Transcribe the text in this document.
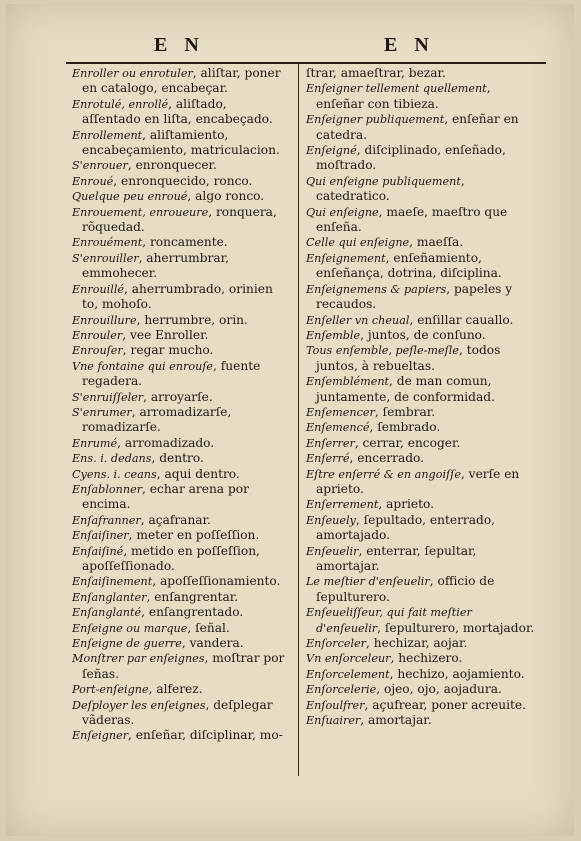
E N	E N
Enroller ou enrotuler, aliſtar, poner en catalogo, encabeçar.
Enrotulé, enrollé, aliſtado, aſſentado en liſta, encabeçado.
Enrollement, aliſtamiento, encabeçamiento, matriculacion.
S'enrouer, enronquecer.
Enroué, enronquecido, ronco.
Quelque peu enroué, algo ronco.
Enrouement, enroueure, ronquera, rõquedad.
Enrouément, roncamente.
S'enrouiller, aherrumbrar, emmohecer.
Enrouillé, aherrumbrado, orinien to, mohoſo.
Enrouillure, herrumbre, orin.
Enrouler, vee Enroller.
Enrouſer, regar mucho.
Vne fontaine qui enrouſe, fuente regadera.
S'enruiſſeler, arroyarſe.
S'enrumer, arromadizarſe, romadizarſe.
Enrumé, arromadizado.
Ens. i. dedans, dentro.
Cyens. i. ceans, aqui dentro.
Enſablonner, echar arena por encima.
Enſafranner, açafranar.
Enſaiſiner, meter en poſſeſſion.
Enſaiſiné, metido en poſſeſſion, apoſſeſſionado.
Enſaiſinement, apoſſeſſionamiento.
Enſanglanter, enſangrentar.
Enſanglanté, enſangrentado.
Enſeigne ou marque, ſeñal.
Enſeigne de guerre, vandera.
Monſtrer par enſeignes, moſtrar por ſeñas.
Port-enſeigne, alferez.
Deſployer les enſeignes, deſplegar vãderas.
Enſeigner, enſeñar, diſciplinar, mo-
ſtrar, amaeſtrar, bezar.
Enſeigner tellement quellement, enſeñar con tibieza.
Enſeigner publiquement, enſeñar en catedra.
Enſeigné, diſciplinado, enſeñado, moſtrado.
Qui enſeigne publiquement, catedratico.
Qui enſeigne, maeſe, maeſtro que enſeña.
Celle qui enſeigne, maeſſa.
Enſeignement, enſeñamiento, enſeñança, dotrina, diſciplina.
Enſeignemens & papiers, papeles y recaudos.
Enſeller vn cheual, enſillar cauallo.
Enſemble, juntos, de conſuno.
Tous enſemble, peſle-meſle, todos juntos, à rebueltas.
Enſemblément, de man comun, juntamente, de conformidad.
Enſemencer, ſembrar.
Enſemencé, ſembrado.
Enſerrer, cerrar, encoger.
Enſerré, encerrado.
Eſtre enſerré & en angoiſſe, verſe en aprieto.
Enſerrement, aprieto.
Enſeuely, ſepultado, enterrado, amortajado.
Enſeuelir, enterrar, ſepultar, amortajar.
Le meſtier d'enſeuelir, officio de ſepulturero.
Enſeueliſſeur, qui fait meſtier d'enſeuelir, ſepulturero, mortajador.
Enſorceler, hechizar, aojar.
Vn enſorceleur, hechizero.
Enſorcelement, hechizo, aojamiento.
Enſorcelerie, ojeo, ojo, aojadura.
Enſoulfrer, açufrear, poner acreuite.
Enſuairer, amortajar.
